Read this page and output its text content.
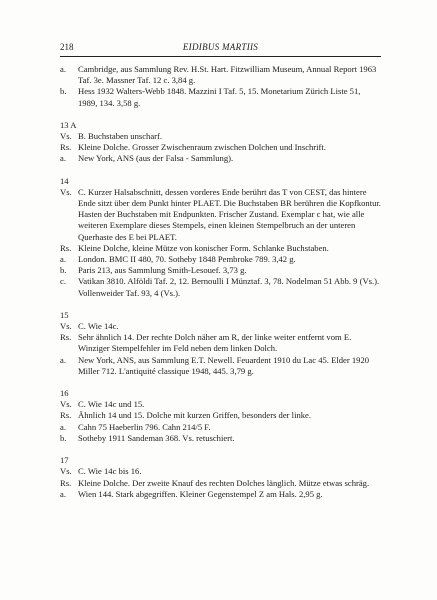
218	EIDIBUS MARTIIS
a. Cambridge, aus Sammlung Rev. H.St. Hart. Fitzwilliam Museum, Annual Report 1963 Taf. 3e. Massner Taf. 12 c. 3,84 g.
b. Hess 1932 Walters-Webb 1848. Mazzini I Taf. 5, 15. Monetarium Zürich Liste 51, 1989, 134. 3,58 g.
13 A
Vs. B. Buchstaben unscharf.
Rs. Kleine Dolche. Grosser Zwischenraum zwischen Dolchen und Inschrift.
a. New York, ANS (aus der Falsa - Sammlung).
14
Vs. C. Kurzer Halsabschnitt, dessen vorderes Ende berührt das T von CEST, das hintere Ende sitzt über dem Punkt hinter PLAET. Die Buchstaben BR berühren die Kopfkontur. Hasten der Buchstaben mit Endpunkten. Frischer Zustand. Exemplar c hat, wie alle weiteren Exemplare dieses Stempels, einen kleinen Stempelbruch an der unteren Querhaste des E bei PLAET.
Rs. Kleine Dolche, kleine Mütze von konischer Form. Schlanke Buchstaben.
a. London. BMC II 480, 70. Sotheby 1848 Pembroke 789. 3,42 g.
b. Paris 213, aus Sammlung Smith-Lesouef. 3,73 g.
c. Vatikan 3810. Alföldi Taf. 2, 12. Bernoulli I Münztaf. 3, 78. Nodelman 51 Abb. 9 (Vs.). Vollenweider Taf. 93, 4 (Vs.).
15
Vs. C. Wie 14c.
Rs. Sehr ähnlich 14. Der rechte Dolch näher am R, der linke weiter entfernt vom E. Winziger Stempelfehler im Feld neben dem linken Dolch.
a. New York, ANS, aus Sammlung E.T. Newell. Feuardent 1910 du Lac 45. Elder 1920 Miller 712. L'antiquité classique 1948, 445. 3,79 g.
16
Vs. C. Wie 14c und 15.
Rs. Ähnlich 14 und 15. Dolche mit kurzen Griffen, besonders der linke.
a. Cahn 75 Haeberlin 796. Cahn 214/5 F.
b. Sotheby 1911 Sandeman 368. Vs. retuschiert.
17
Vs. C. Wie 14c bis 16.
Rs. Kleine Dolche. Der zweite Knauf des rechten Dolches länglich. Mütze etwas schräg.
a. Wien 144. Stark abgegriffen. Kleiner Gegenstempel Z am Hals. 2,95 g.
